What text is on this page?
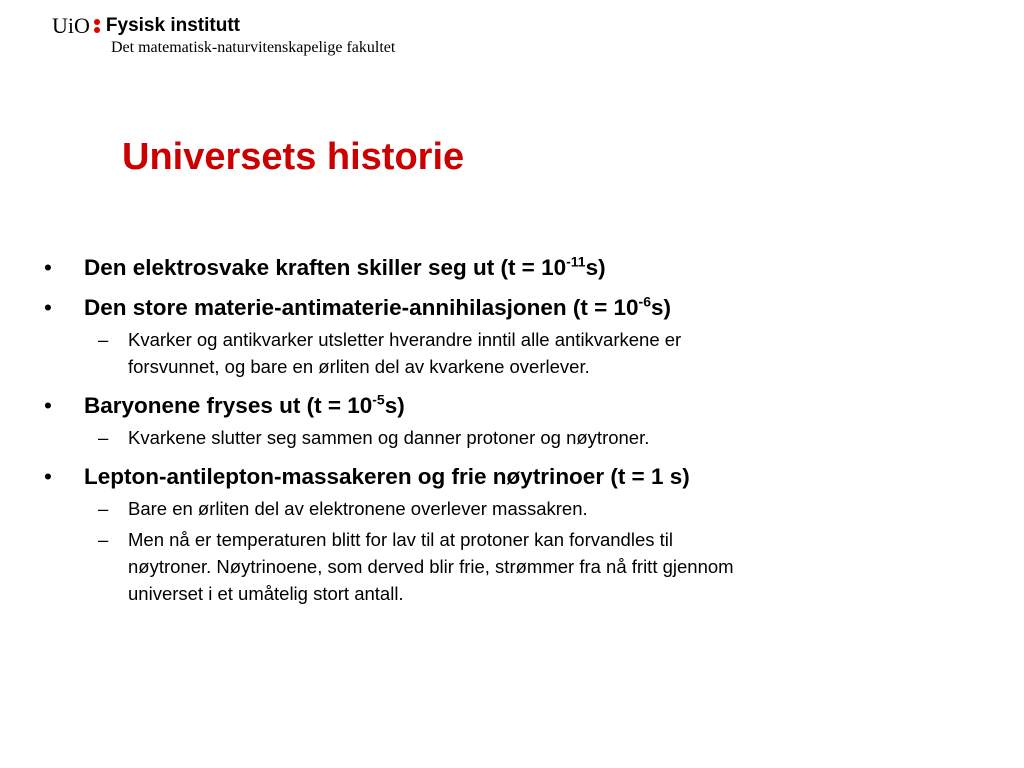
UiO Fysisk institutt
Det matematisk-naturvitenskapelige fakultet
Universets historie
• Den elektrosvake kraften skiller seg ut $(t = 10^{-11}s)$
• Den store materie-antimaterie-annihilasjonen $(t = 10^{-6}s)$
– Kvarker og antikvarker utsletter hverandre inntil alle antikvarkene er
forsvunnet, og bare en ørliten del av kvarkene overlever.
• Baryonene fryses ut $(t = 10^{-5}s)$
– Kvarkene slutter seg sammen og danner protoner og nøytroner.
• Lepton-antilepton-massakeren og frie nøytrinoer (t = 1 s)
– Bare en ørliten del av elektronene overlever massakren.
– Men nå er temperaturen blitt for lav til at protoner kan forvandles til
nøytroner. Nøytrinoene, som derved blir frie, strømmer fra nå fritt gjennom
universet i et umåtelig stort antall.
